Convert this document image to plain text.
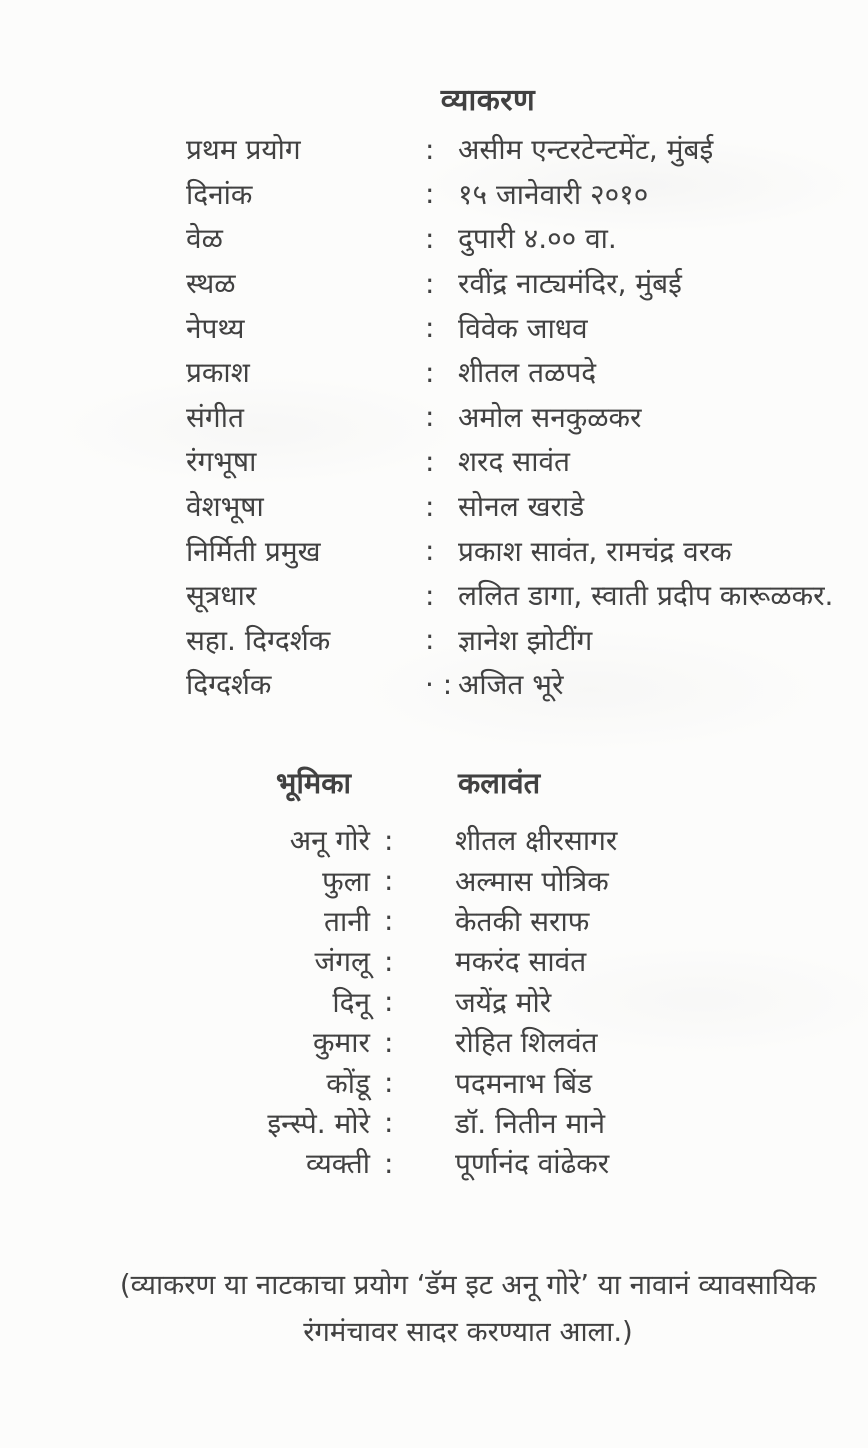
व्याकरण
प्रथम प्रयोग	: असीम एन्टरटेन्टमेंट, मुंबई
दिनांक	: १५ जानेवारी २०१०
वेळ	: दुपारी ४.०० वा.
स्थळ	: रवींद्र नाट्यमंदिर, मुंबई
नेपथ्य	: विवेक जाधव
प्रकाश	: शीतल तळपदे
संगीत	: अमोल सनकुळकर
रंगभूषा	: शरद सावंत
वेशभूषा	: सोनल खराडे
निर्मिती प्रमुख	: प्रकाश सावंत, रामचंद्र वरक
सूत्रधार	: ललित डागा, स्वाती प्रदीप कारूळकर.
सहा. दिग्दर्शक	: ज्ञानेश झोटींग
दिग्दर्शक	· : अजित भूरे
भूमिका	कलावंत
अनू गोरे :	शीतल क्षीरसागर
फुला :	अल्मास पोत्रिक
तानी :	केतकी सराफ
जंगलू :	मकरंद सावंत
दिनू :	जयेंद्र मोरे
कुमार :	रोहित शिलवंत
कोंडू :	पदमनाभ बिंड
इन्स्पे. मोरे :	डॉ. नितीन माने
व्यक्ती :	पूर्णानंद वांढेकर
(व्याकरण या नाटकाचा प्रयोग ‘डॅम इट अनू गोरे’ या नावानं व्यावसायिक
रंगमंचावर सादर करण्यात आला.)
